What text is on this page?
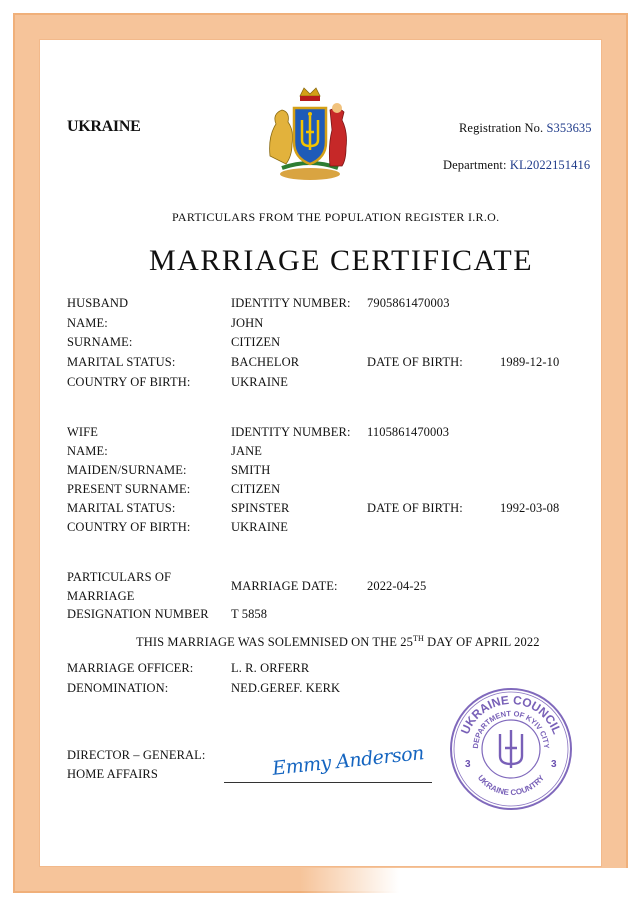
UKRAINE	Registration No. S353635
Department: KL2022151416
PARTICULARS FROM THE POPULATION REGISTER I.R.O.
MARRIAGE CERTIFICATE
HUSBAND	IDENTITY NUMBER: 7905861470003
NAME:	JOHN
SURNAME:	CITIZEN
MARITAL STATUS:	BACHELOR	DATE OF BIRTH:	1989-12-10
COUNTRY OF BIRTH:	UKRAINE
WIFE	IDENTITY NUMBER: 1105861470003
NAME:	JANE
MAIDEN/SURNAME:	SMITH
PRESENT SURNAME:	CITIZEN
MARITAL STATUS:	SPINSTER	DATE OF BIRTH:	1992-03-08
COUNTRY OF BIRTH:	UKRAINE
PARTICULARS OF
MARRIAGE
MARRIAGE DATE: 2022-04-25
DESIGNATION NUMBER T 5858
THIS MARRIAGE WAS SOLEMNISED ON THE 25TH DAY OF APRIL 2022
MARRIAGE OFFICER:	L. R. ORFERR
DENOMINATION:	NED.GEREF. KERK
DIRECTOR – GENERAL:
HOME AFFAIRS	Emmy Anderson
UKRAINE COUNCIL
DEPARTMENT OF KYIV CITY
UKRAINE COUNTRY
3	3
